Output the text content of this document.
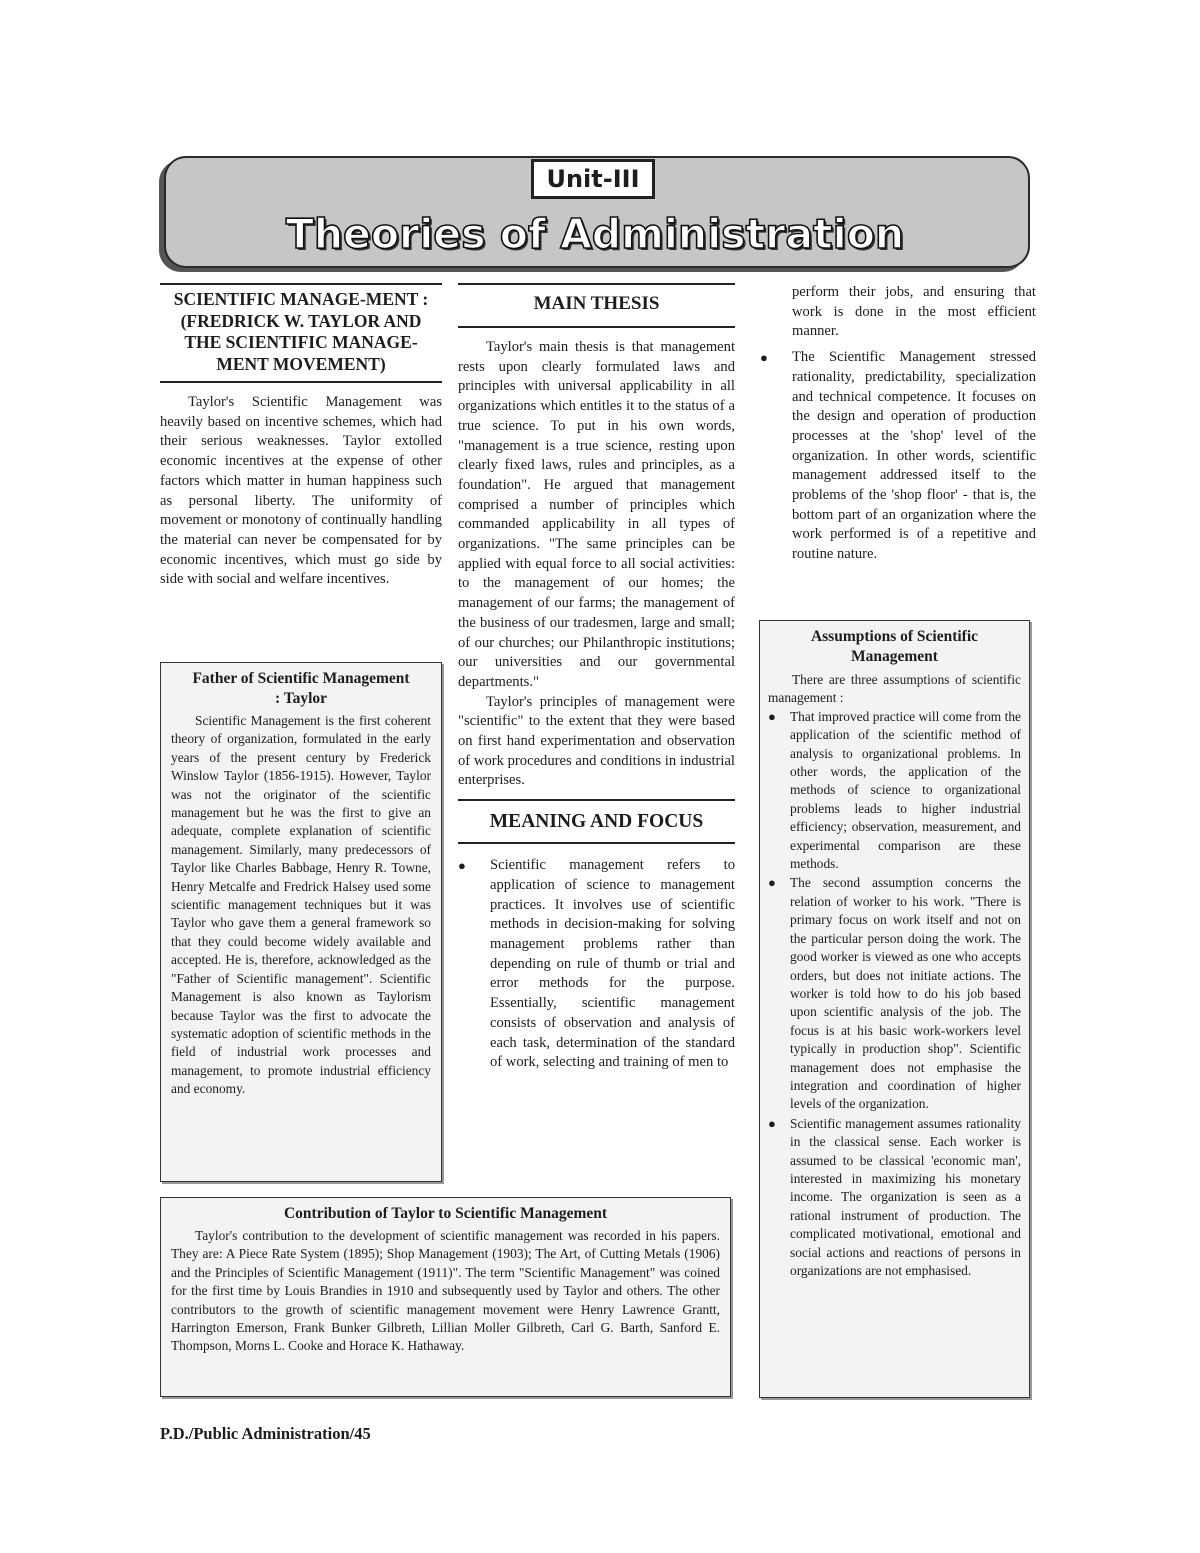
Unit-III
Theories of Administration
SCIENTIFIC MANAGE-MENT : (FREDRICK W. TAYLOR AND THE SCIENTIFIC MANAGE-MENT MOVEMENT)

Taylor's Scientific Management was heavily based on incentive schemes, which had their serious weaknesses. Taylor extolled economic incentives at the expense of other factors which matter in human happiness such as personal liberty. The uniformity of movement or monotony of continually handling the material can never be compensated for by economic incentives, which must go side by side with social and welfare incentives.

Father of Scientific Management : Taylor

Scientific Management is the first coherent theory of organization, formulated in the early years of the present century by Frederick Winslow Taylor (1856-1915). However, Taylor was not the originator of the scientific management but he was the first to give an adequate, complete explanation of scientific management. Similarly, many predecessors of Taylor like Charles Babbage, Henry R. Towne, Henry Metcalfe and Fredrick Halsey used some scientific management techniques but it was Taylor who gave them a general framework so that they could become widely available and accepted. He is, therefore, acknowledged as the "Father of Scientific management". Scientific Management is also known as Taylorism because Taylor was the first to advocate the systematic adoption of scientific methods in the field of industrial work processes and management, to promote industrial efficiency and economy.

MAIN THESIS

Taylor's main thesis is that management rests upon clearly formulated laws and principles with universal applicability in all organizations which entitles it to the status of a true science. To put in his own words, "management is a true science, resting upon clearly fixed laws, rules and principles, as a foundation". He argued that management comprised a number of principles which commanded applicability in all types of organizations. "The same principles can be applied with equal force to all social activities: to the management of our homes; the management of our farms; the management of the business of our tradesmen, large and small; of our churches; our Philanthropic institutions; our universities and our governmental departments."

Taylor's principles of management were "scientific" to the extent that they were based on first hand experimentation and observation of work procedures and conditions in industrial enterprises.

MEANING AND FOCUS
● Scientific management refers to application of science to management practices. It involves use of scientific methods in decision-making for solving management problems rather than depending on rule of thumb or trial and error methods for the purpose. Essentially, scientific management consists of observation and analysis of each task, determination of the standard of work, selecting and training of men to
perform their jobs, and ensuring that work is done in the most efficient manner.
● The Scientific Management stressed rationality, predictability, specialization and technical competence. It focuses on the design and operation of production processes at the 'shop' level of the organization. In other words, scientific management addressed itself to the problems of the 'shop floor' - that is, the bottom part of an organization where the work performed is of a repetitive and routine nature.
Assumptions of Scientific Management

There are three assumptions of scientific management :

● That improved practice will come from the application of the scientific method of analysis to organizational problems. In other words, the application of the methods of science to organizational problems leads to higher industrial efficiency; observation, measurement, and experimental comparison are these methods.
● The second assumption concerns the relation of worker to his work. "There is primary focus on work itself and not on the particular person doing the work. The good worker is viewed as one who accepts orders, but does not initiate actions. The worker is told how to do his job based upon scientific analysis of the job. The focus is at his basic work-workers level typically in production shop". Scientific management does not emphasise the integration and coordination of higher levels of the organization.
● Scientific management assumes rationality in the classical sense. Each worker is assumed to be classical 'economic man', interested in maximizing his monetary income. The organization is seen as a rational instrument of production. The complicated motivational, emotional and social actions and reactions of persons in organizations are not emphasised.
Contribution of Taylor to Scientific Management

Taylor's contribution to the development of scientific management was recorded in his papers. They are: A Piece Rate System (1895); Shop Management (1903); The Art, of Cutting Metals (1906) and the Principles of Scientific Management (1911)". The term "Scientific Management" was coined for the first time by Louis Brandies in 1910 and subsequently used by Taylor and others. The other contributors to the growth of scientific management movement were Henry Lawrence Grantt, Harrington Emerson, Frank Bunker Gilbreth, Lillian Moller Gilbreth, Carl G. Barth, Sanford E. Thompson, Morns L. Cooke and Horace K. Hathaway.

P.D./Public Administration/45
